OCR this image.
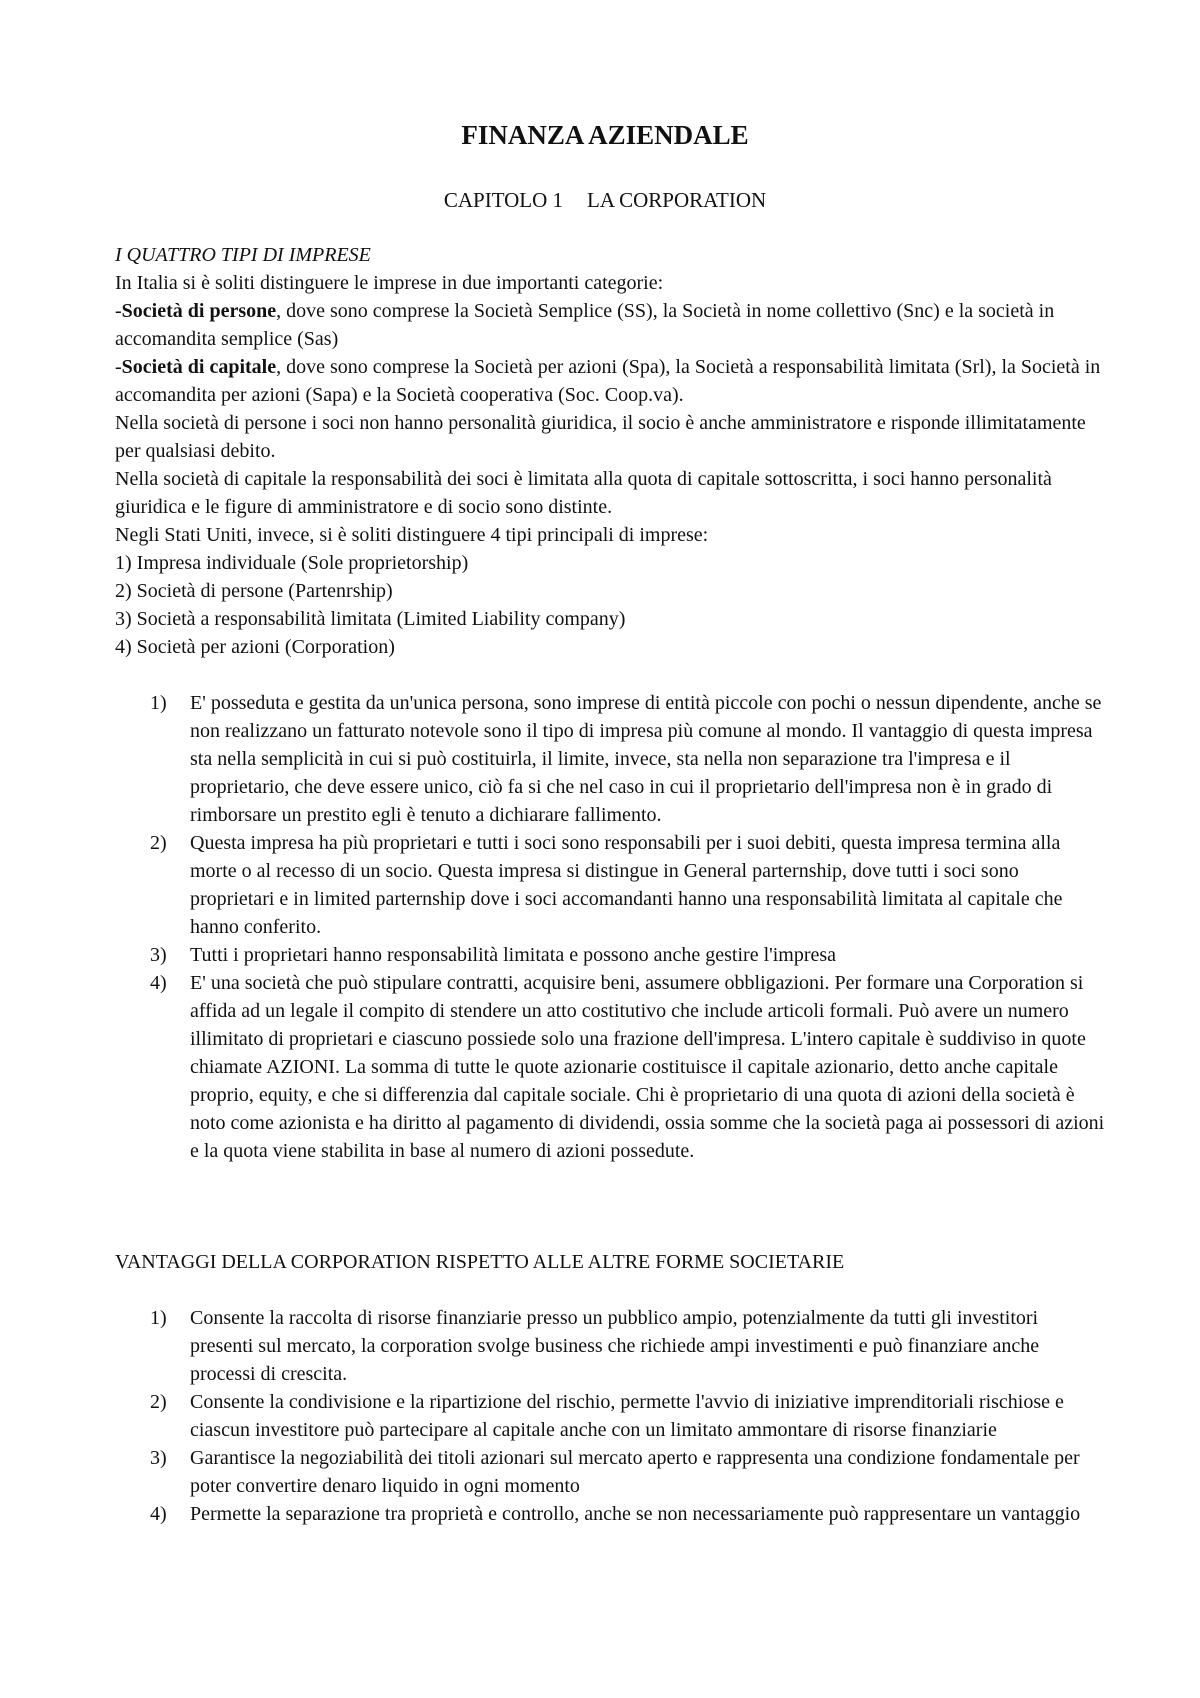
FINANZA AZIENDALE
CAPITOLO 1 LA CORPORATION

I QUATTRO TIPI DI IMPRESE

In Italia si è soliti distinguere le imprese in due importanti categorie:

-Società di persone, dove sono comprese la Società Semplice (SS), la Società in nome collettivo (Snc) e la società in accomandita semplice (Sas)

-Società di capitale, dove sono comprese la Società per azioni (Spa), la Società a responsabilità limitata (Srl), la Società in accomandita per azioni (Sapa) e la Società cooperativa (Soc. Coop.va).

Nella società di persone i soci non hanno personalità giuridica, il socio è anche amministratore e risponde illimitatamente per qualsiasi debito.

Nella società di capitale la responsabilità dei soci è limitata alla quota di capitale sottoscritta, i soci hanno personalità giuridica e le figure di amministratore e di socio sono distinte.

Negli Stati Uniti, invece, si è soliti distinguere 4 tipi principali di imprese:

1) Impresa individuale (Sole proprietorship)

2) Società di persone (Partenrship)

3) Società a responsabilità limitata (Limited Liability company)

4) Società per azioni (Corporation)

1) E' posseduta e gestita da un'unica persona, sono imprese di entità piccole con pochi o nessun dipendente, anche se non realizzano un fatturato notevole sono il tipo di impresa più comune al mondo. Il vantaggio di questa impresa sta nella semplicità in cui si può costituirla, il limite, invece, sta nella non separazione tra l'impresa e il proprietario, che deve essere unico, ciò fa si che nel caso in cui il proprietario dell'impresa non è in grado di rimborsare un prestito egli è tenuto a dichiarare fallimento.
2) Questa impresa ha più proprietari e tutti i soci sono responsabili per i suoi debiti, questa impresa termina alla morte o al recesso di un socio. Questa impresa si distingue in General parternship, dove tutti i soci sono proprietari e in limited parternship dove i soci accomandanti hanno una responsabilità limitata al capitale che hanno conferito.
3) Tutti i proprietari hanno responsabilità limitata e possono anche gestire l'impresa
4) E' una società che può stipulare contratti, acquisire beni, assumere obbligazioni. Per formare una Corporation si affida ad un legale il compito di stendere un atto costitutivo che include articoli formali. Può avere un numero illimitato di proprietari e ciascuno possiede solo una frazione dell'impresa. L'intero capitale è suddiviso in quote chiamate AZIONI. La somma di tutte le quote azionarie costituisce il capitale azionario, detto anche capitale proprio, equity, e che si differenzia dal capitale sociale. Chi è proprietario di una quota di azioni della società è noto come azionista e ha diritto al pagamento di dividendi, ossia somme che la società paga ai possessori di azioni e la quota viene stabilita in base al numero di azioni possedute.
VANTAGGI DELLA CORPORATION RISPETTO ALLE ALTRE FORME SOCIETARIE
1) Consente la raccolta di risorse finanziarie presso un pubblico ampio, potenzialmente da tutti gli investitori presenti sul mercato, la corporation svolge business che richiede ampi investimenti e può finanziare anche processi di crescita.
2) Consente la condivisione e la ripartizione del rischio, permette l'avvio di iniziative imprenditoriali rischiose e ciascun investitore può partecipare al capitale anche con un limitato ammontare di risorse finanziarie
3) Garantisce la negoziabilità dei titoli azionari sul mercato aperto e rappresenta una condizione fondamentale per poter convertire denaro liquido in ogni momento
4) Permette la separazione tra proprietà e controllo, anche se non necessariamente può rappresentare un vantaggio
